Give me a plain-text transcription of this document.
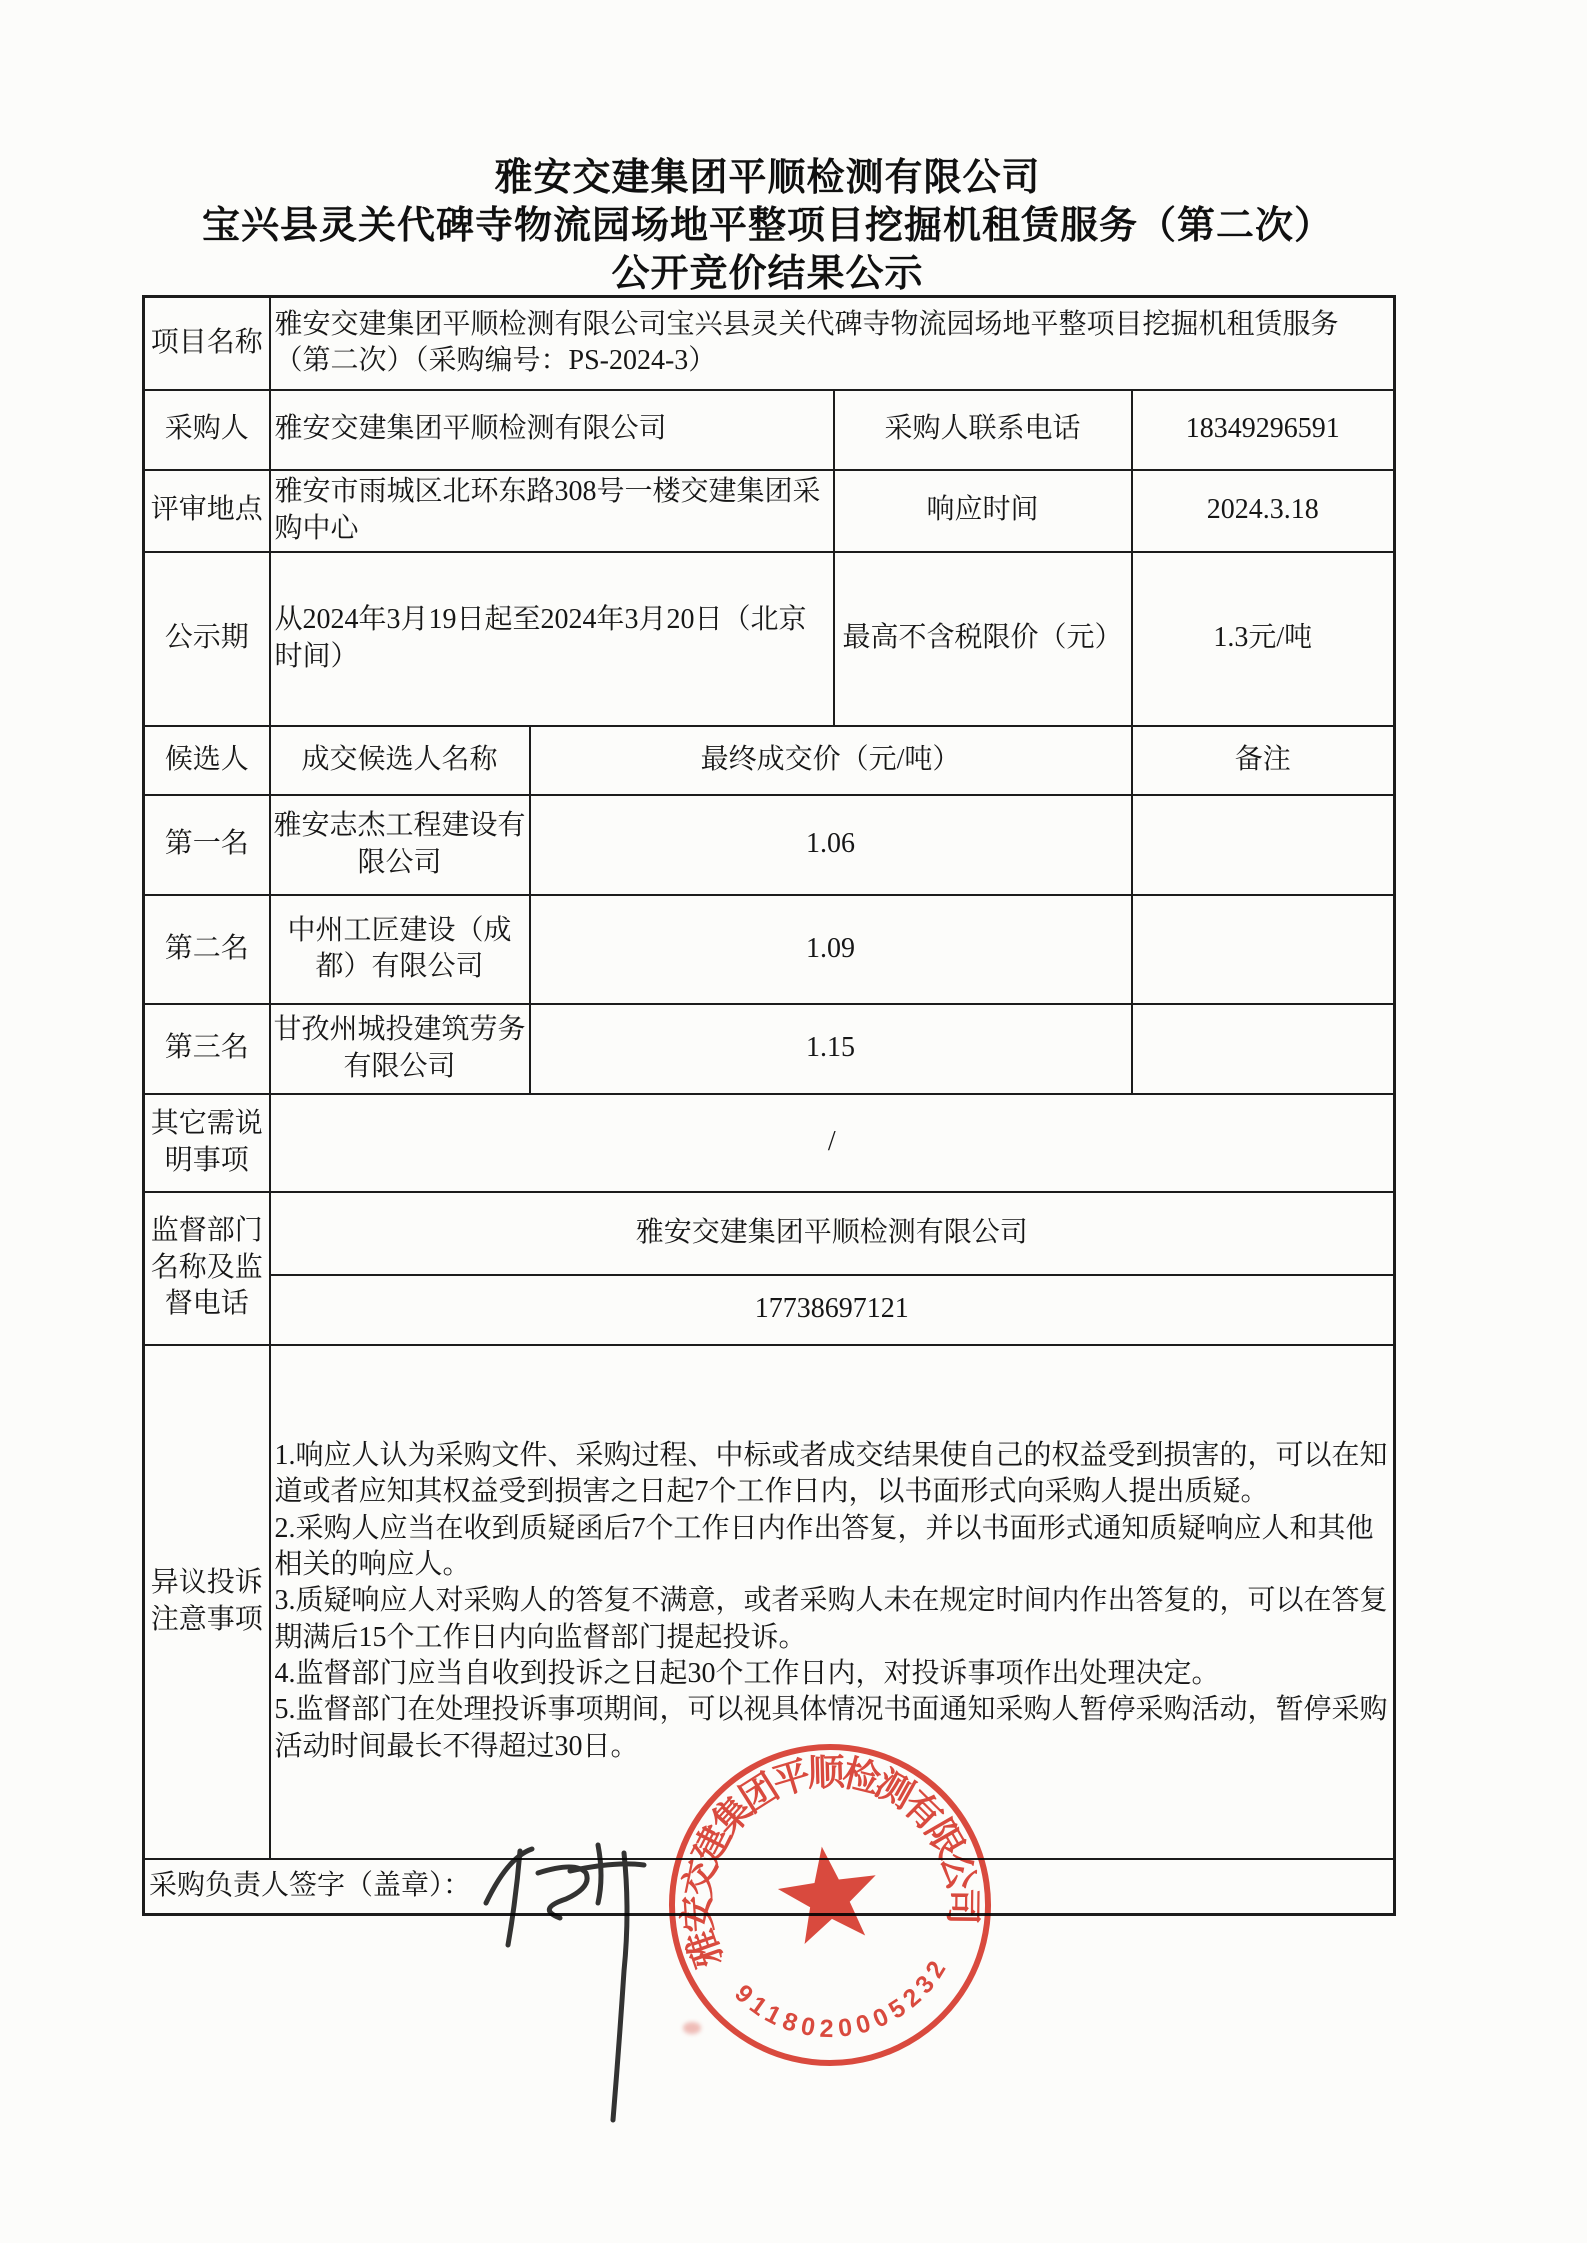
雅安交建集团平顺检测有限公司
宝兴县灵关代碑寺物流园场地平整项目挖掘机租赁服务（第二次）
公开竞价结果公示
项目名称	雅安交建集团平顺检测有限公司宝兴县灵关代碑寺物流园场地平整项目挖掘机租赁服务（第二次）（采购编号：PS-2024-3）			
采购人	雅安交建集团平顺检测有限公司		采购人联系电话	18349296591
评审地点	雅安市雨城区北环东路308号一楼交建集团采购中心		响应时间	2024.3.18
公示期	从2024年3月19日起至2024年3月20日（北京时间）		最高不含税限价（元）	1.3元/吨
候选人	成交候选人名称	最终成交价（元/吨）		备注
第一名	雅安志杰工程建设有限公司	1.06		
第二名	中州工匠建设（成都）有限公司	1.09		
第三名	甘孜州城投建筑劳务有限公司	1.15		
其它需说明事项	/			
监督部门名称及监督电话	雅安交建集团平顺检测有限公司			
	17738697121			
异议投诉注意事项	1.响应人认为采购文件、采购过程、中标或者成交结果使自己的权益受到损害的，可以在知道或者应知其权益受到损害之日起7个工作日内，以书面形式向采购人提出质疑。
2.采购人应当在收到质疑函后7个工作日内作出答复，并以书面形式通知质疑响应人和其他相关的响应人。
3.质疑响应人对采购人的答复不满意，或者采购人未在规定时间内作出答复的，可以在答复期满后15个工作日内向监督部门提起投诉。
4.监督部门应当自收到投诉之日起30个工作日内，对投诉事项作出处理决定。
5.监督部门在处理投诉事项期间，可以视具体情况书面通知采购人暂停采购活动，暂停采购活动时间最长不得超过30日。			

采购负责人签字（盖章）：				
雅安交建集团平顺检测有限公司
9118020005232
